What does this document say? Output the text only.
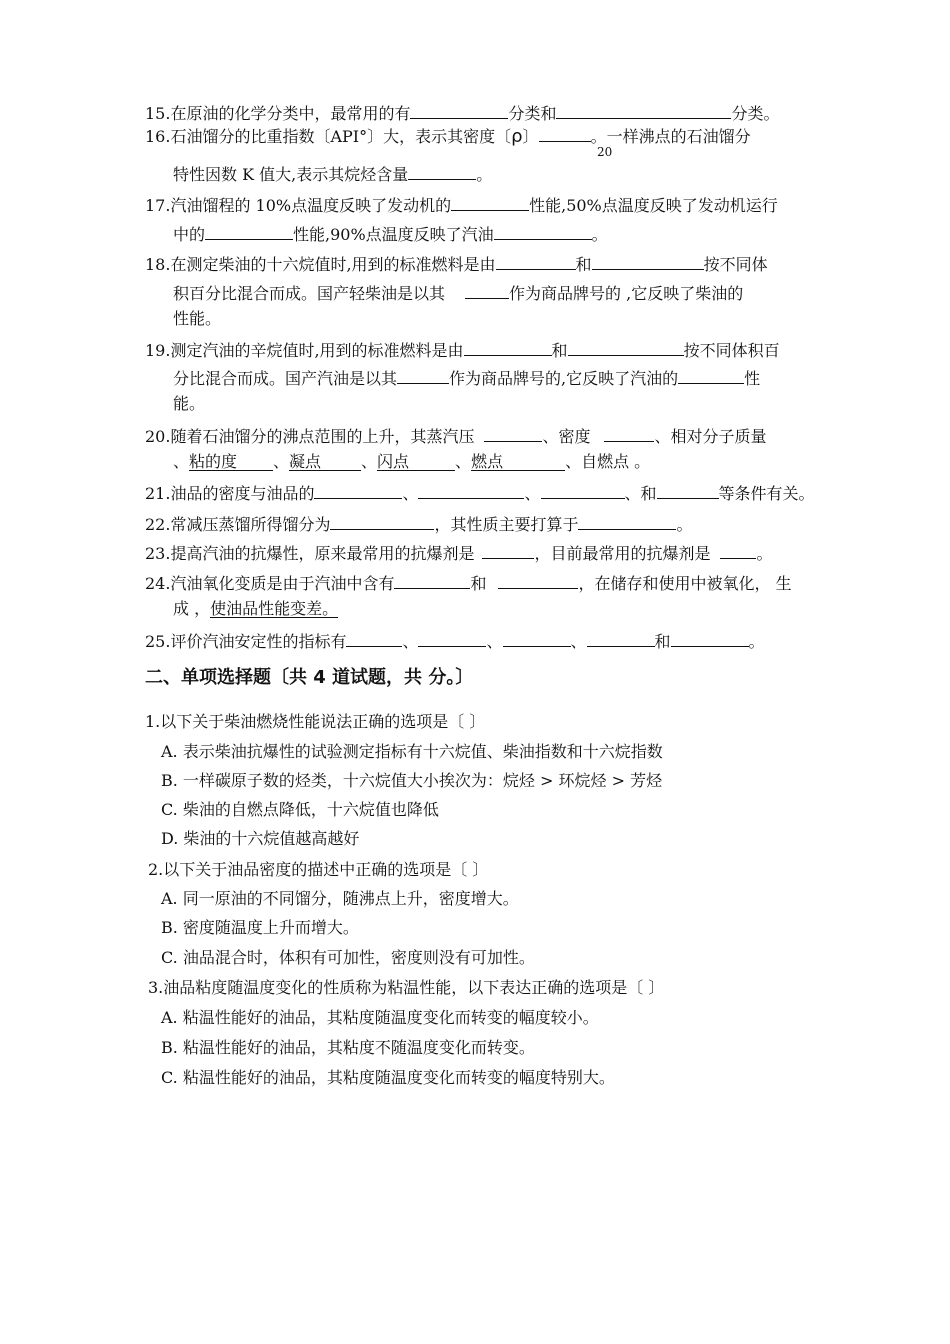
15.在原油的化学分类中，最常用的有	分类和	分类。
16.石油馏分的比重指数〔API°〕大，表示其密度〔ρ〕	。一样沸点的石油馏分
20
特性因数 K 值大,表示其烷烃含量	。
17.汽油馏程的 10%点温度反映了发动机的	性能,50%点温度反映了发动机运行
中的	性能,90%点温度反映了汽油	。
18.在测定柴油的十六烷值时,用到的标准燃料是由	和	按不同体
积百分比混合而成。国产轻柴油是以其	作为商品牌号的 ,它反映了柴油的
性能。
19.测定汽油的辛烷值时,用到的标准燃料是由	和	按不同体积百
分比混合而成。国产汽油是以其	作为商品牌号的,它反映了汽油的	性
能。
20.随着石油馏分的沸点范围的上升，其蒸汽压	、密度	、相对分子质量
、粘的度 、凝点 、闪点	、燃点	、自燃点 。
21.油品的密度与油品的	、	、	、和	等条件有关。
22.常减压蒸馏所得馏分为	，其性质主要打算于	。
23.提高汽油的抗爆性，原来最常用的抗爆剂是	，目前最常用的抗爆剂是	。
24.汽油氧化变质是由于汽油中含有	和	，在储存和使用中被氧化， 生
成 ，使油品性能变差。
25.评价汽油安定性的指标有	、	、	、	和	。
二、单项选择题〔共 4 道试题，共 分。〕
1.以下关于柴油燃烧性能说法正确的选项是〔 〕
A. 表示柴油抗爆性的试验测定指标有十六烷值、柴油指数和十六烷指数
B. 一样碳原子数的烃类，十六烷值大小挨次为：烷烃 > 环烷烃 > 芳烃
C. 柴油的自燃点降低，十六烷值也降低
D. 柴油的十六烷值越高越好
2.以下关于油品密度的描述中正确的选项是〔 〕
A. 同一原油的不同馏分，随沸点上升，密度增大。
B. 密度随温度上升而增大。
C. 油品混合时，体积有可加性，密度则没有可加性。
3.油品粘度随温度变化的性质称为粘温性能，以下表达正确的选项是〔 〕
A. 粘温性能好的油品，其粘度随温度变化而转变的幅度较小。
B. 粘温性能好的油品，其粘度不随温度变化而转变。
C. 粘温性能好的油品，其粘度随温度变化而转变的幅度特别大。
